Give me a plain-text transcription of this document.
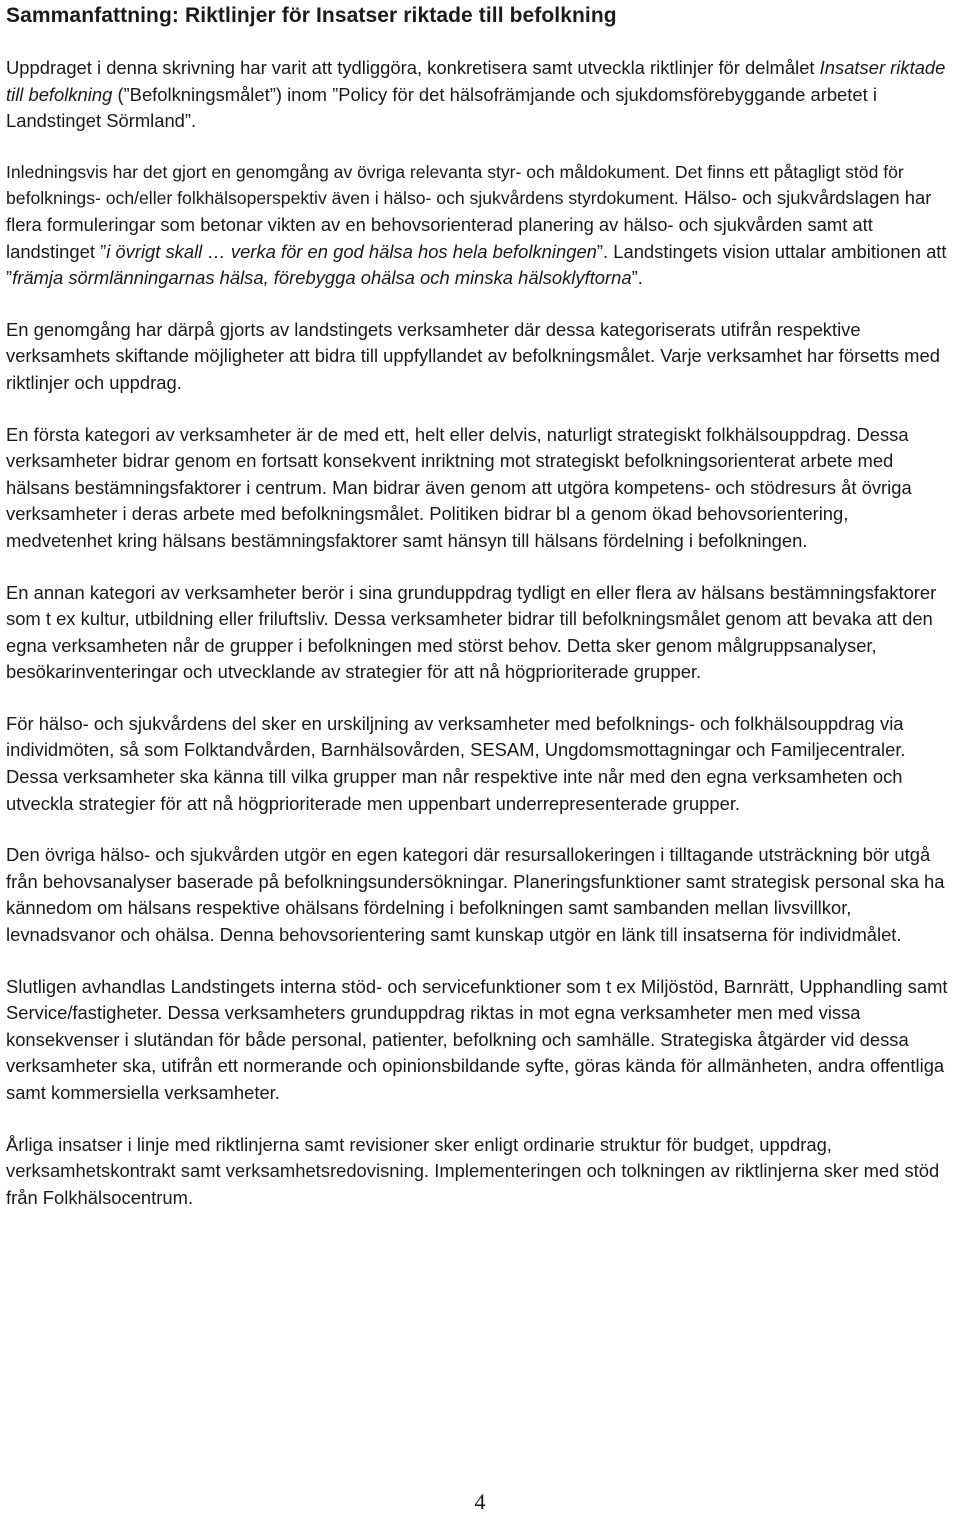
Sammanfattning: Riktlinjer för Insatser riktade till befolkning

Uppdraget i denna skrivning har varit att tydliggöra, konkretisera samt utveckla riktlinjer för delmålet Insatser riktade till befolkning (”Befolkningsmålet”) inom ”Policy för det hälsofrämjande och sjukdomsförebyggande arbetet i Landstinget Sörmland”.

Inledningsvis har det gjort en genomgång av övriga relevanta styr- och måldokument. Det finns ett påtagligt stöd för befolknings- och/eller folkhälsoperspektiv även i hälso- och sjukvårdens styrdokument. Hälso- och sjukvårdslagen har flera formuleringar som betonar vikten av en behovsorienterad planering av hälso- och sjukvården samt att landstinget ”i övrigt skall … verka för en god hälsa hos hela befolkningen”. Landstingets vision uttalar ambitionen att ”främja sörmlänningarnas hälsa, förebygga ohälsa och minska hälsoklyftorna”.

En genomgång har därpå gjorts av landstingets verksamheter där dessa kategoriserats utifrån respektive verksamhets skiftande möjligheter att bidra till uppfyllandet av befolkningsmålet. Varje verksamhet har försetts med riktlinjer och uppdrag.

En första kategori av verksamheter är de med ett, helt eller delvis, naturligt strategiskt folkhälsouppdrag. Dessa verksamheter bidrar genom en fortsatt konsekvent inriktning mot strategiskt befolkningsorienterat arbete med hälsans bestämningsfaktorer i centrum. Man bidrar även genom att utgöra kompetens- och stödresurs åt övriga verksamheter i deras arbete med befolkningsmålet. Politiken bidrar bl a genom ökad behovsorientering, medvetenhet kring hälsans bestämningsfaktorer samt hänsyn till hälsans fördelning i befolkningen.

En annan kategori av verksamheter berör i sina grunduppdrag tydligt en eller flera av hälsans bestämningsfaktorer som t ex kultur, utbildning eller friluftsliv. Dessa verksamheter bidrar till befolkningsmålet genom att bevaka att den egna verksamheten når de grupper i befolkningen med störst behov. Detta sker genom målgruppsanalyser, besökarinventeringar och utvecklande av strategier för att nå högprioriterade grupper.

För hälso- och sjukvårdens del sker en urskiljning av verksamheter med befolknings- och folkhälsouppdrag via individmöten, så som Folktandvården, Barnhälsovården, SESAM, Ungdomsmottagningar och Familjecentraler. Dessa verksamheter ska känna till vilka grupper man når respektive inte når med den egna verksamheten och utveckla strategier för att nå högprioriterade men uppenbart underrepresenterade grupper.

Den övriga hälso- och sjukvården utgör en egen kategori där resursallokeringen i tilltagande utsträckning bör utgå från behovsanalyser baserade på befolkningsundersökningar. Planeringsfunktioner samt strategisk personal ska ha kännedom om hälsans respektive ohälsans fördelning i befolkningen samt sambanden mellan livsvillkor, levnadsvanor och ohälsa. Denna behovsorientering samt kunskap utgör en länk till insatserna för individmålet.

Slutligen avhandlas Landstingets interna stöd- och servicefunktioner som t ex Miljöstöd, Barnrätt, Upphandling samt Service/fastigheter. Dessa verksamheters grunduppdrag riktas in mot egna verksamheter men med vissa konsekvenser i slutändan för både personal, patienter, befolkning och samhälle. Strategiska åtgärder vid dessa verksamheter ska, utifrån ett normerande och opinionsbildande syfte, göras kända för allmänheten, andra offentliga samt kommersiella verksamheter.

Årliga insatser i linje med riktlinjerna samt revisioner sker enligt ordinarie struktur för budget, uppdrag, verksamhetskontrakt samt verksamhetsredovisning. Implementeringen och tolkningen av riktlinjerna sker med stöd från Folkhälsocentrum.

4
